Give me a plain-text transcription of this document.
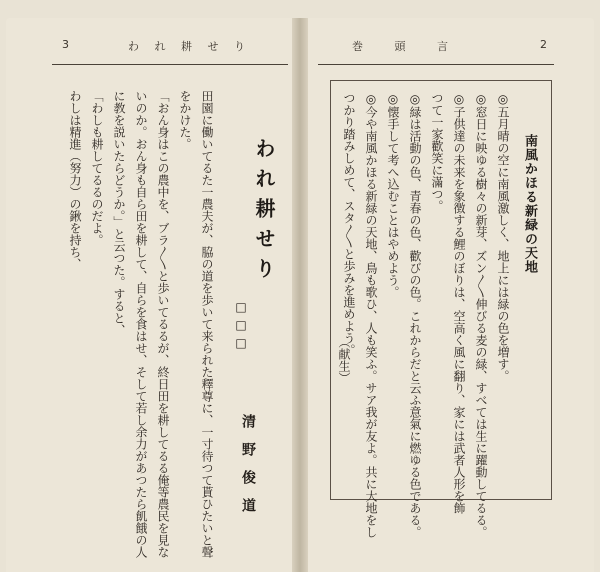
3	わ れ 耕 せ り	巻 頭 言	2
われ耕せり
□□□
清野俊道
田園に働いてるた一農夫が、脇の道を歩いて来られた釋尊に、一寸待つて貰ひたいと聲
をかけた。
「おん身はこの農中を、ブラ〳〵と歩いてるるが、終日田を耕してるる俺等農民を見な
いのか。おん身も自ら田を耕して、自らを食はせ、そして若し余力があつたら飢餓の人
に教を説いたらどうか。」と云つた。すると、
「わしも耕してるるのだよ。
わしは精進（努力）の鍬を持ち、	南風かほる新緑の天地
◎五月晴の空に南風激しく、地上には緑の色を増す。
◎窓日に映ゆる樹々の新芽、ズン〳〵伸びる麦の緑、すべては生に躍動してるる。
◎子供達の未来を象徴する鯉のぼりは、空高く風に翻り、家には武者人形を飾
つて一家歡笑に滿つ。
◎緑は活動の色、青春の色、歡びの色。これからだと云ふ意氣に燃ゆる色である。
◎懐手して考へ込むことはやめよう。
◎今や南風かほる新緑の天地、鳥も歌ひ、人も笑ふ。サア我が友よ。共に大地をし
つかり踏みしめて、スタ〳〵と歩みを進めよう。
（献生）
